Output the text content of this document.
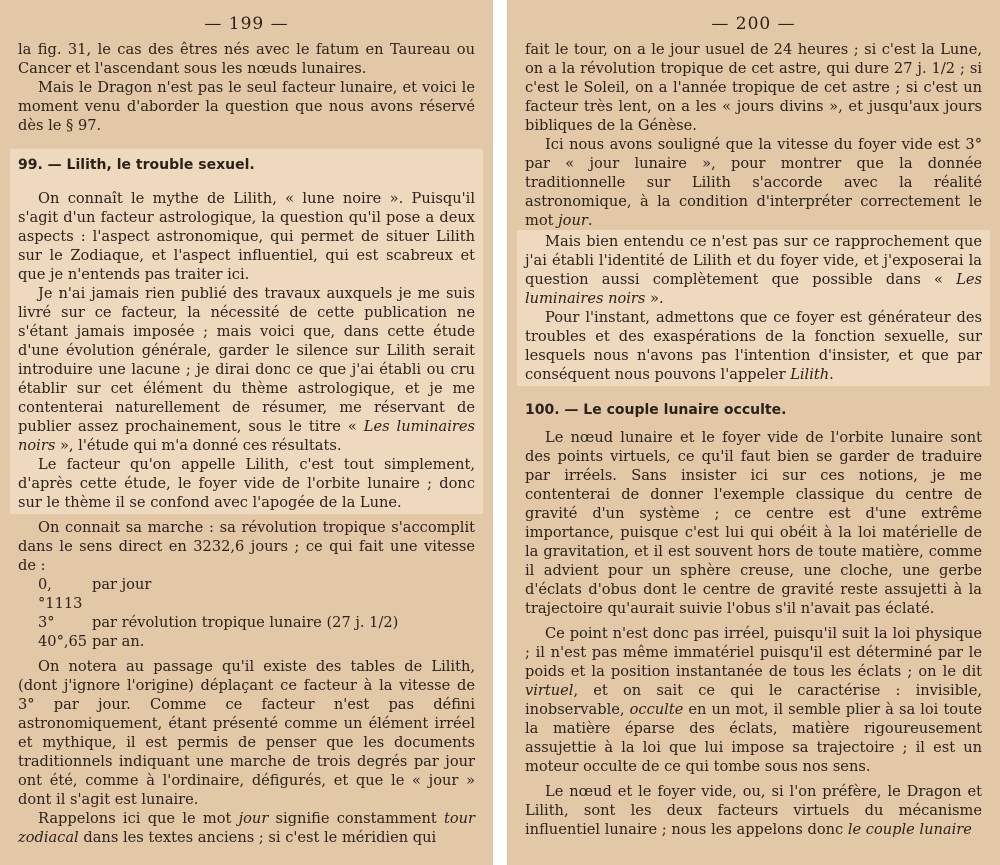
— 199 —

la fig. 31, le cas des êtres nés avec le fatum en Taureau ou Cancer et l'ascendant sous les nœuds lunaires.

Mais le Dragon n'est pas le seul facteur lunaire, et voici le moment venu d'aborder la question que nous avons réservé dès le § 97.

99. — Lilith, le trouble sexuel.

On connaît le mythe de Lilith, « lune noire ». Puisqu'il s'agit d'un facteur astrologique, la question qu'il pose a deux aspects : l'aspect astronomique, qui permet de situer Lilith sur le Zodiaque, et l'aspect influentiel, qui est scabreux et que je n'entends pas traiter ici.

Je n'ai jamais rien publié des travaux auxquels je me suis livré sur ce facteur, la nécessité de cette publication ne s'étant jamais imposée ; mais voici que, dans cette étude d'une évolution générale, garder le silence sur Lilith serait introduire une lacune ; je dirai donc ce que j'ai établi ou cru établir sur cet élément du thème astrologique, et je me contenterai naturellement de résumer, me réservant de publier assez prochainement, sous le titre « Les luminaires noirs », l'étude qui m'a donné ces résultats.

Le facteur qu'on appelle Lilith, c'est tout simplement, d'après cette étude, le foyer vide de l'orbite lunaire ; donc sur le thème il se confond avec l'apogée de la Lune.

On connait sa marche : sa révolution tropique s'accomplit dans le sens direct en 3232,6 jours ; ce qui fait une vitesse de :

0,°1113
par jour
3°	par révolution tropique lunaire (27 j. 1/2)
40°,65 par an.

On notera au passage qu'il existe des tables de Lilith, (dont j'ignore l'origine) déplaçant ce facteur à la vitesse de 3° par jour. Comme ce facteur n'est pas défini astronomiquement, étant présenté comme un élément irréel et mythique, il est permis de penser que les documents traditionnels indiquant une marche de trois degrés par jour ont été, comme à l'ordinaire, défigurés, et que le « jour » dont il s'agit est lunaire.

Rappelons ici que le mot jour signifie constamment tour zodiacal dans les textes anciens ; si c'est le méridien qui

— 200 —

fait le tour, on a le jour usuel de 24 heures ; si c'est la Lune, on a la révolution tropique de cet astre, qui dure 27 j. 1/2 ; si c'est le Soleil, on a l'année tropique de cet astre ; si c'est un facteur très lent, on a les « jours divins », et jusqu'aux jours bibliques de la Génèse.

Ici nous avons souligné que la vitesse du foyer vide est 3° par « jour lunaire », pour montrer que la donnée traditionnelle sur Lilith s'accorde avec la réalité astronomique, à la condition d'interpréter correctement le mot jour.

Mais bien entendu ce n'est pas sur ce rapprochement que j'ai établi l'identité de Lilith et du foyer vide, et j'exposerai la question aussi complètement que possible dans « Les luminaires noirs ».

Pour l'instant, admettons que ce foyer est générateur des troubles et des exaspérations de la fonction sexuelle, sur lesquels nous n'avons pas l'intention d'insister, et que par conséquent nous pouvons l'appeler Lilith.

100. — Le couple lunaire occulte.

Le nœud lunaire et le foyer vide de l'orbite lunaire sont des points virtuels, ce qu'il faut bien se garder de traduire par irréels. Sans insister ici sur ces notions, je me contenterai de donner l'exemple classique du centre de gravité d'un système ; ce centre est d'une extrême importance, puisque c'est lui qui obéit à la loi matérielle de la gravitation, et il est souvent hors de toute matière, comme il advient pour un sphère creuse, une cloche, une gerbe d'éclats d'obus dont le centre de gravité reste assujetti à la trajectoire qu'aurait suivie l'obus s'il n'avait pas éclaté.

Ce point n'est donc pas irréel, puisqu'il suit la loi physique ; il n'est pas même immatériel puisqu'il est déterminé par le poids et la position instantanée de tous les éclats ; on le dit virtuel, et on sait ce qui le caractérise : invisible, inobservable, occulte en un mot, il semble plier à sa loi toute la matière éparse des éclats, matière rigoureusement assujettie à la loi que lui impose sa trajectoire ; il est un moteur occulte de ce qui tombe sous nos sens.

Le nœud et le foyer vide, ou, si l'on préfère, le Dragon et Lilith, sont les deux facteurs virtuels du mécanisme influentiel lunaire ; nous les appelons donc le couple lunaire
